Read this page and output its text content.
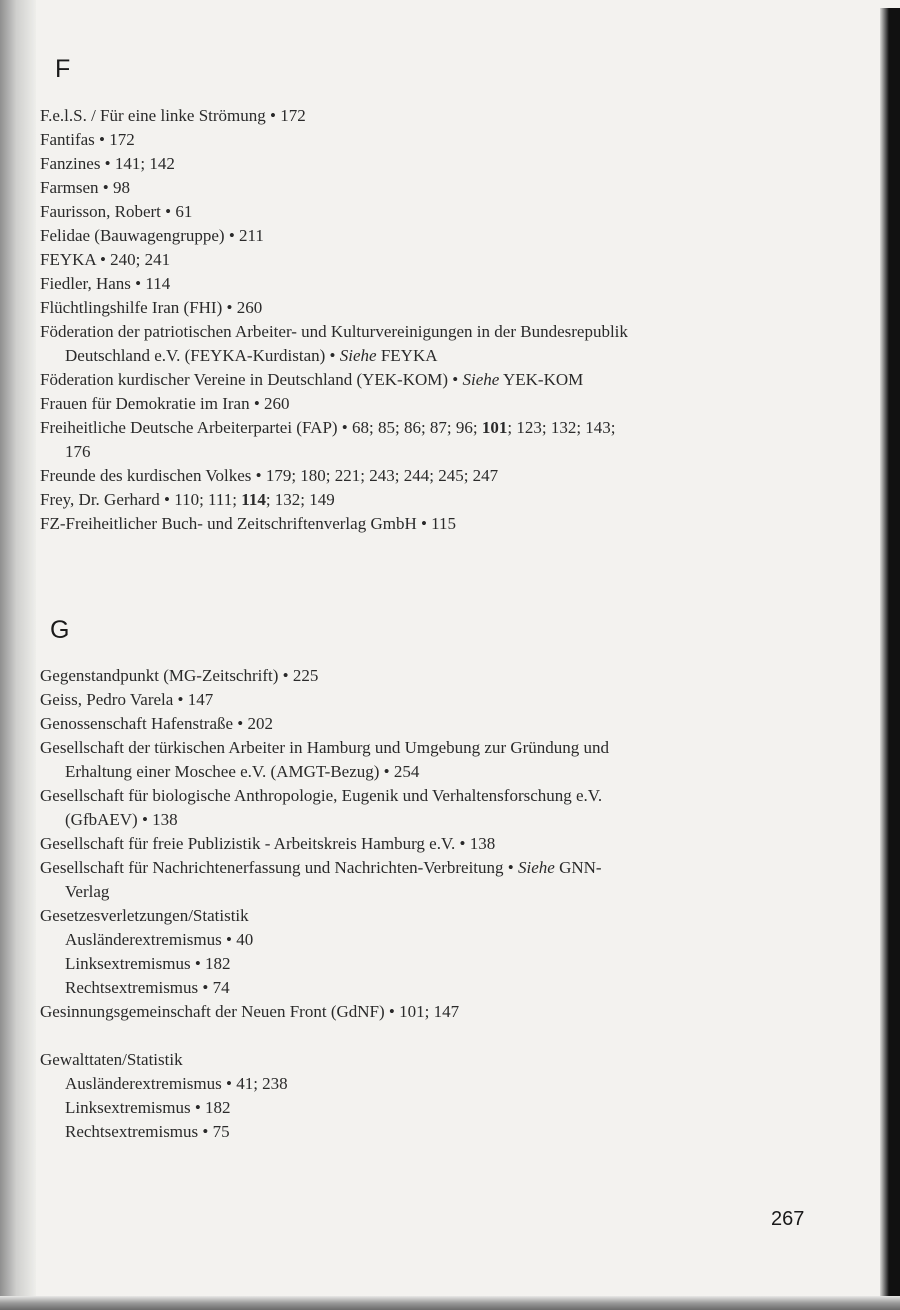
F
F.e.l.S. / Für eine linke Strömung • 172
Fantifas • 172
Fanzines • 141; 142
Farmsen • 98
Faurisson, Robert • 61
Felidae (Bauwagengruppe) • 211
FEYKA • 240; 241
Fiedler, Hans • 114
Flüchtlingshilfe Iran (FHI) • 260
Föderation der patriotischen Arbeiter- und Kulturvereinigungen in der Bundesrepublik
Deutschland e.V. (FEYKA-Kurdistan) • Siehe FEYKA
Föderation kurdischer Vereine in Deutschland (YEK-KOM) • Siehe YEK-KOM
Frauen für Demokratie im Iran • 260
Freiheitliche Deutsche Arbeiterpartei (FAP) • 68; 85; 86; 87; 96; 101; 123; 132; 143;
176
Freunde des kurdischen Volkes • 179; 180; 221; 243; 244; 245; 247
Frey, Dr. Gerhard • 110; 111; 114; 132; 149
FZ-Freiheitlicher Buch- und Zeitschriftenverlag GmbH • 115
G
Gegenstandpunkt (MG-Zeitschrift) • 225
Geiss, Pedro Varela • 147
Genossenschaft Hafenstraße • 202
Gesellschaft der türkischen Arbeiter in Hamburg und Umgebung zur Gründung und
Erhaltung einer Moschee e.V. (AMGT-Bezug) • 254
Gesellschaft für biologische Anthropologie, Eugenik und Verhaltensforschung e.V.
(GfbAEV) • 138
Gesellschaft für freie Publizistik - Arbeitskreis Hamburg e.V. • 138
Gesellschaft für Nachrichtenerfassung und Nachrichten-Verbreitung • Siehe GNN-
Verlag
Gesetzesverletzungen/Statistik
Ausländerextremismus • 40
Linksextremismus • 182
Rechtsextremismus • 74
Gesinnungsgemeinschaft der Neuen Front (GdNF) • 101; 147
Gewalttaten/Statistik
Ausländerextremismus • 41; 238
Linksextremismus • 182
Rechtsextremismus • 75
267
